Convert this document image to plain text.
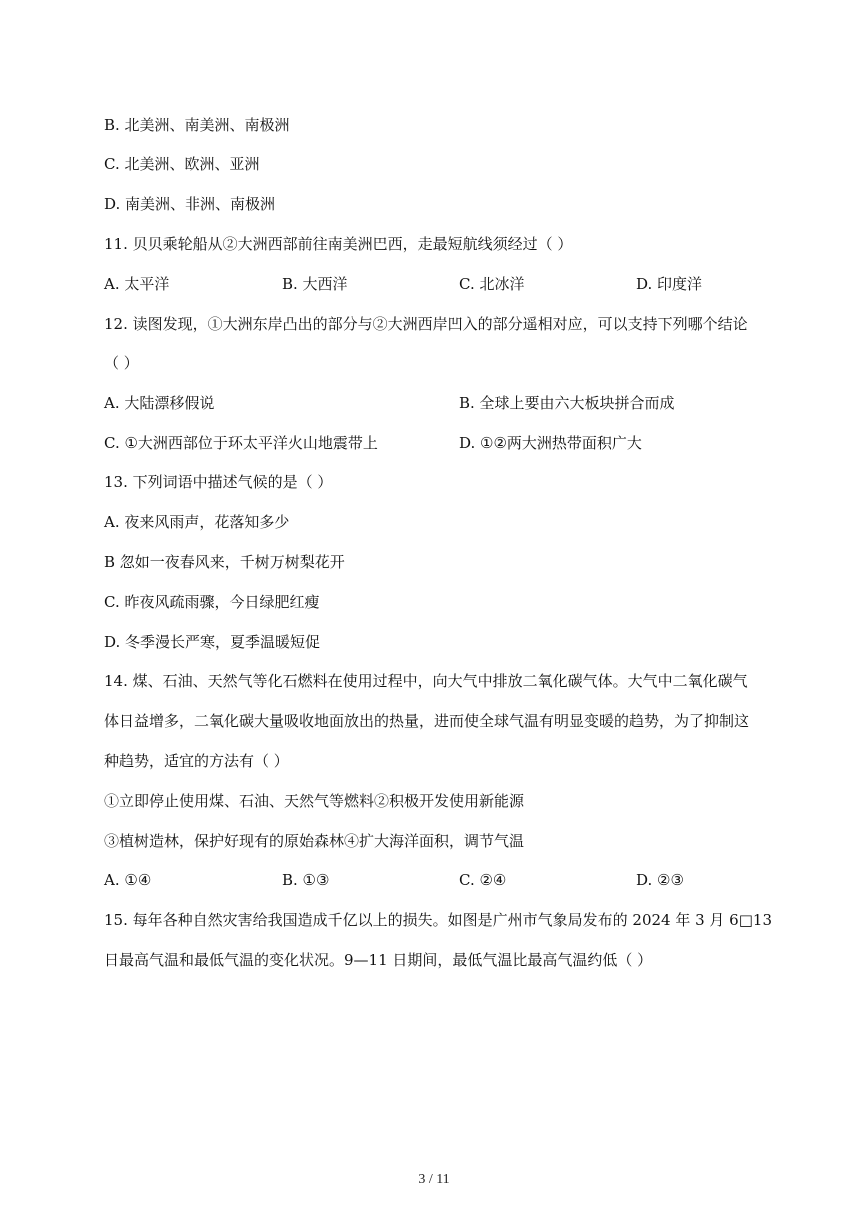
B. 北美洲、南美洲、南极洲
C. 北美洲、欧洲、亚洲
D. 南美洲、非洲、南极洲
11. 贝贝乘轮船从②大洲西部前往南美洲巴西，走最短航线须经过（ ）
A. 太平洋	B. 大西洋	C. 北冰洋	D. 印度洋
12. 读图发现，①大洲东岸凸出的部分与②大洲西岸凹入的部分遥相对应，可以支持下列哪个结论
（ ）
A. 大陆漂移假说	B. 全球上要由六大板块拼合而成
C. ①大洲西部位于环太平洋火山地震带上	D. ①②两大洲热带面积广大
13. 下列词语中描述气候的是（ ）
A. 夜来风雨声，花落知多少
B 忽如一夜春风来，千树万树梨花开
C. 昨夜风疏雨骤，今日绿肥红瘦
D. 冬季漫长严寒，夏季温暖短促
14. 煤、石油、天然气等化石燃料在使用过程中，向大气中排放二氧化碳气体。大气中二氧化碳气
体日益增多，二氧化碳大量吸收地面放出的热量，进而使全球气温有明显变暖的趋势，为了抑制这
种趋势，适宜的方法有（ ）
①立即停止使用煤、石油、天然气等燃料②积极开发使用新能源
③植树造林，保护好现有的原始森林④扩大海洋面积，调节气温
A. ①④	B. ①③	C. ②④	D. ②③
15. 每年各种自然灾害给我国造成千亿以上的损失。如图是广州市气象局发布的 2024 年 3 月 6□13
日最高气温和最低气温的变化状况。9—11 日期间，最低气温比最高气温约低（ ）
3 / 11
